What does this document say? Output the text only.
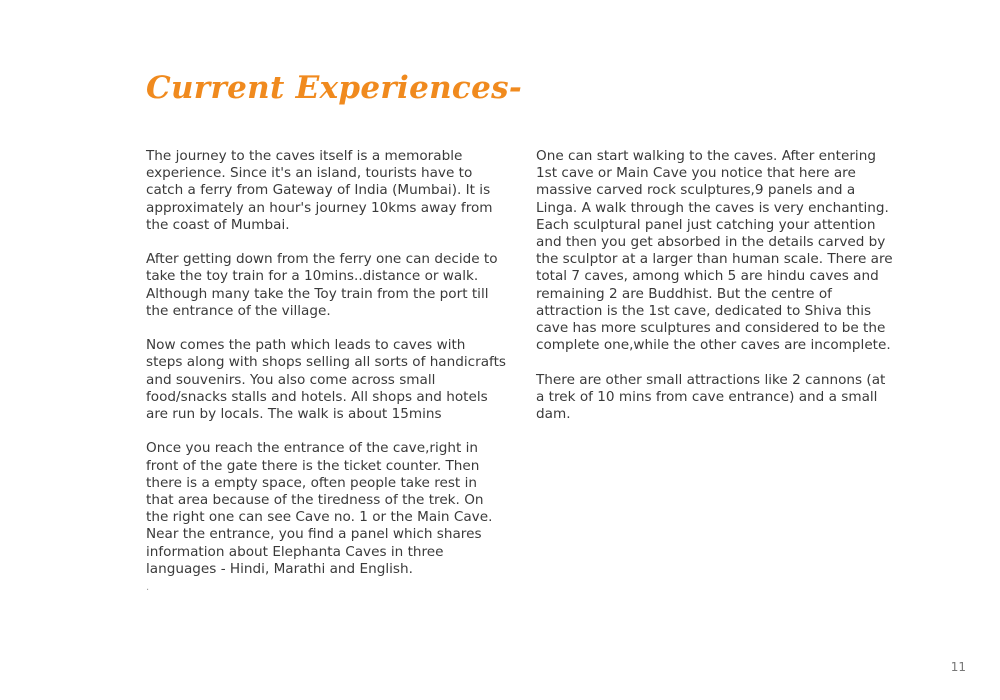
Current Experiences-

The journey to the caves itself is a memorable experience. Since it's an island, tourists have to catch a ferry from Gateway of India (Mumbai). It is approximately an hour's journey 10kms away from the coast of Mumbai.

After getting down from the ferry one can decide to take the toy train for a 10mins..distance or walk. Although many take the Toy train from the port till the entrance of the village.

Now comes the path which leads to caves with steps along with shops selling all sorts of handicrafts and souvenirs. You also come across small food/snacks stalls and hotels. All shops and hotels are run by locals. The walk is about 15mins

Once you reach the entrance of the cave,right in front of the gate there is the ticket counter. Then there is a empty space, often people take rest in that area because of the tiredness of the trek. On the right one can see Cave no. 1 or the Main Cave. Near the entrance, you find a panel which shares information about Elephanta Caves in three languages - Hindi, Marathi and English.

One can start walking to the caves. After entering 1st cave or Main Cave you notice that here are massive carved rock sculptures,9 panels and a Linga. A walk through the caves is very enchanting. Each sculptural panel just catching your attention and then you get absorbed in the details carved by the sculptor at a larger than human scale. There are total 7 caves, among which 5 are hindu caves and remaining 2 are Buddhist. But the centre of attraction is the 1st cave, dedicated to Shiva this cave has more sculptures and considered to be the complete one,while the other caves are incomplete.

There are other small attractions like 2 cannons (at a trek of 10 mins from cave entrance) and a small dam.

.
11
